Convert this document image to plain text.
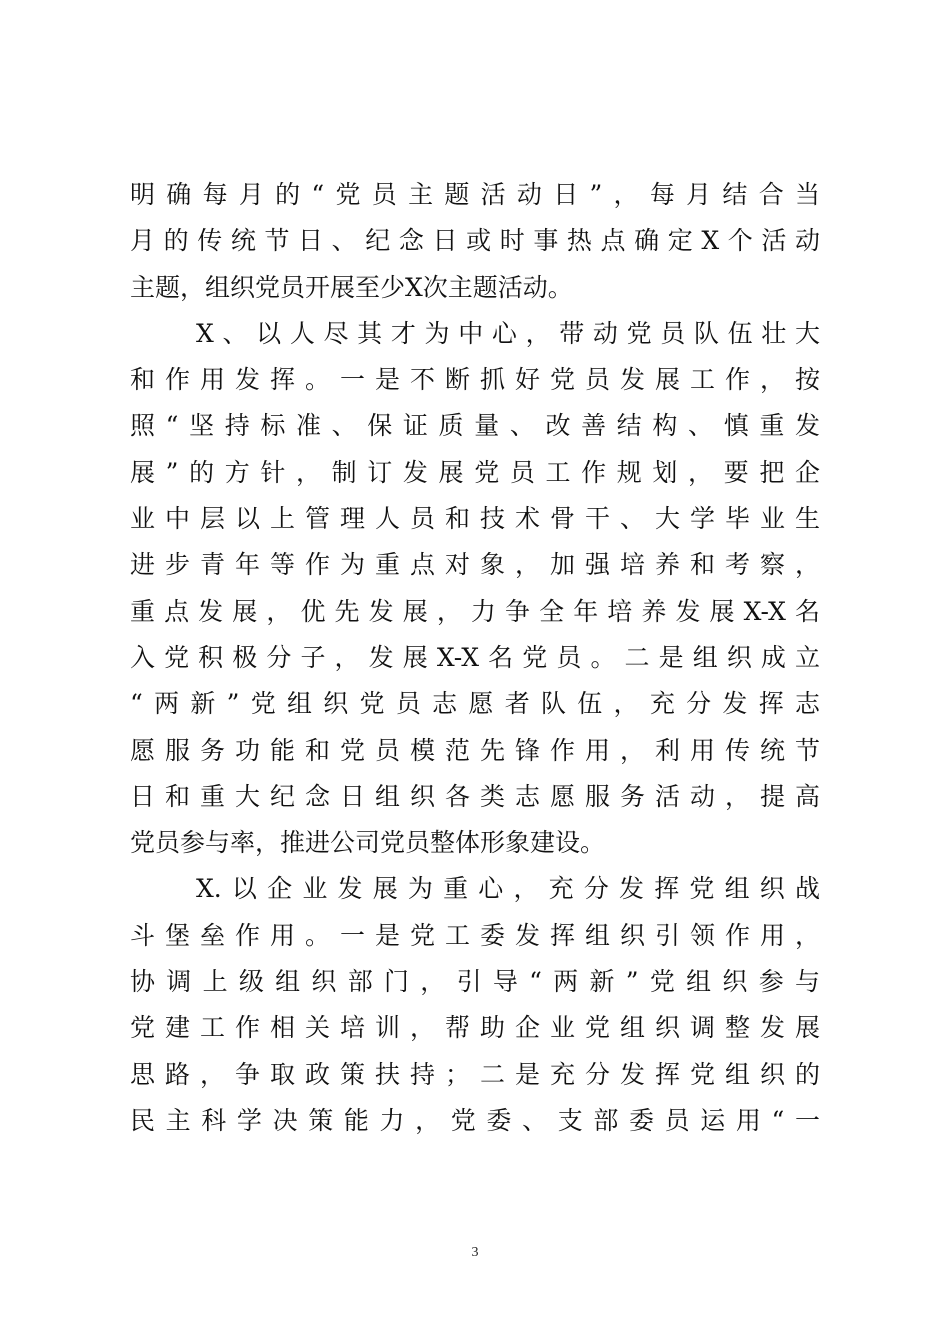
明确每月的“党员主题活动日”，每月结合当
月的传统节日、纪念日或时事热点确定X个活动
主题，组织党员开展至少X次主题活动。
X、以人尽其才为中心，带动党员队伍壮大
和作用发挥。一是不断抓好党员发展工作，按
照“坚持标准、保证质量、改善结构、慎重发
展”的方针，制订发展党员工作规划，要把企
业中层以上管理人员和技术骨干、大学毕业生
进步青年等作为重点对象，加强培养和考察，
重点发展，优先发展，力争全年培养发展X-X名
入党积极分子，发展X-X名党员。二是组织成立
“两新”党组织党员志愿者队伍，充分发挥志
愿服务功能和党员模范先锋作用，利用传统节
日和重大纪念日组织各类志愿服务活动，提高
党员参与率，推进公司党员整体形象建设。
X.以企业发展为重心，充分发挥党组织战
斗堡垒作用。一是党工委发挥组织引领作用，
协调上级组织部门，引导“两新”党组织参与
党建工作相关培训，帮助企业党组织调整发展
思路，争取政策扶持；二是充分发挥党组织的
民主科学决策能力，党委、支部委员运用“一
3
